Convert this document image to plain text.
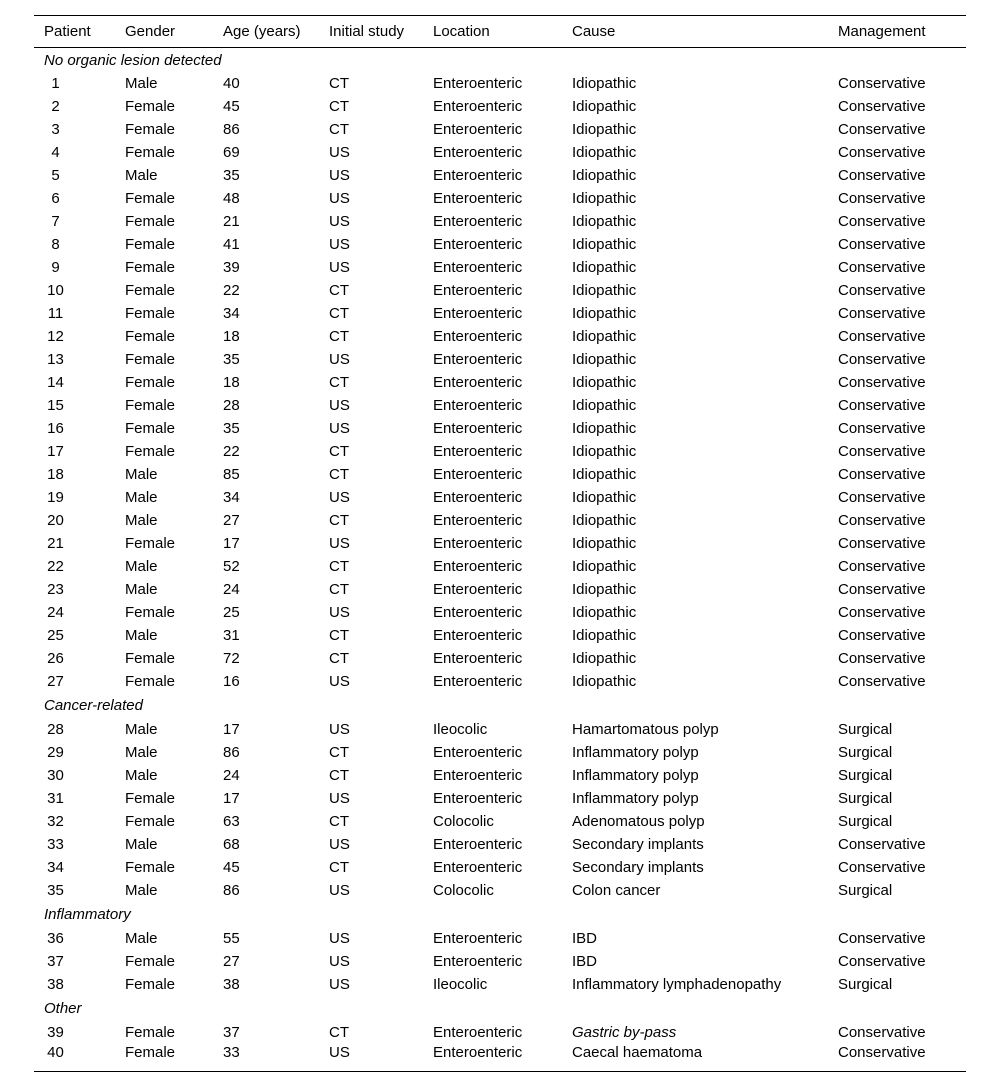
Patient	Gender	Age (years)	Initial study	Location	Cause	Management
No organic lesion detected						
1	Male	40	CT	Enteroenteric	Idiopathic	Conservative
2	Female	45	CT	Enteroenteric	Idiopathic	Conservative
3	Female	86	CT	Enteroenteric	Idiopathic	Conservative
4	Female	69	US	Enteroenteric	Idiopathic	Conservative
5	Male	35	US	Enteroenteric	Idiopathic	Conservative
6	Female	48	US	Enteroenteric	Idiopathic	Conservative
7	Female	21	US	Enteroenteric	Idiopathic	Conservative
8	Female	41	US	Enteroenteric	Idiopathic	Conservative
9	Female	39	US	Enteroenteric	Idiopathic	Conservative
10	Female	22	CT	Enteroenteric	Idiopathic	Conservative
11	Female	34	CT	Enteroenteric	Idiopathic	Conservative
12	Female	18	CT	Enteroenteric	Idiopathic	Conservative
13	Female	35	US	Enteroenteric	Idiopathic	Conservative
14	Female	18	CT	Enteroenteric	Idiopathic	Conservative
15	Female	28	US	Enteroenteric	Idiopathic	Conservative
16	Female	35	US	Enteroenteric	Idiopathic	Conservative
17	Female	22	CT	Enteroenteric	Idiopathic	Conservative
18	Male	85	CT	Enteroenteric	Idiopathic	Conservative
19	Male	34	US	Enteroenteric	Idiopathic	Conservative
20	Male	27	CT	Enteroenteric	Idiopathic	Conservative
21	Female	17	US	Enteroenteric	Idiopathic	Conservative
22	Male	52	CT	Enteroenteric	Idiopathic	Conservative
23	Male	24	CT	Enteroenteric	Idiopathic	Conservative
24	Female	25	US	Enteroenteric	Idiopathic	Conservative
25	Male	31	CT	Enteroenteric	Idiopathic	Conservative
26	Female	72	CT	Enteroenteric	Idiopathic	Conservative
27	Female	16	US	Enteroenteric	Idiopathic	Conservative
Cancer-related						
28	Male	17	US	Ileocolic	Hamartomatous polyp	Surgical
29	Male	86	CT	Enteroenteric	Inflammatory polyp	Surgical
30	Male	24	CT	Enteroenteric	Inflammatory polyp	Surgical
31	Female	17	US	Enteroenteric	Inflammatory polyp	Surgical
32	Female	63	CT	Colocolic	Adenomatous polyp	Surgical
33	Male	68	US	Enteroenteric	Secondary implants	Conservative
34	Female	45	CT	Enteroenteric	Secondary implants	Conservative
35	Male	86	US	Colocolic	Colon cancer	Surgical
Inflammatory						
36	Male	55	US	Enteroenteric	IBD	Conservative
37	Female	27	US	Enteroenteric	IBD	Conservative
38	Female	38	US	Ileocolic	Inflammatory lymphadenopathy	Surgical
Other						
39	Female	37	CT	Enteroenteric	Gastric by-pass	Conservative
40	Female	33	US	Enteroenteric	Caecal haematoma	Conservative
